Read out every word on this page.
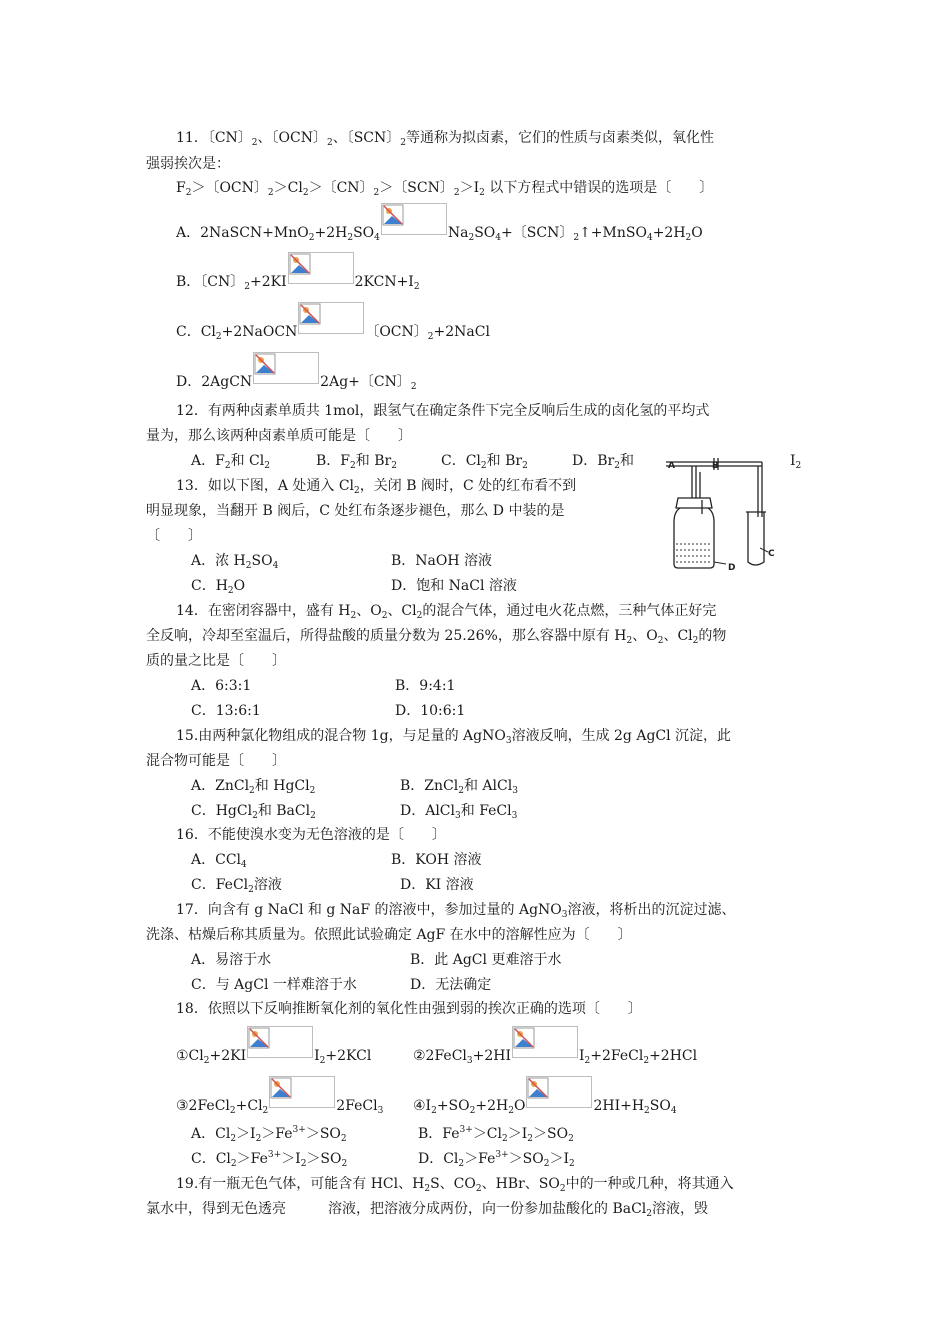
11．〔CN〕$_2$、〔OCN〕$_2$、〔SCN〕$_2$等通称为拟卤素，它们的性质与卤素类似，氧化性
强弱挨次是：
$F_2>$〔OCN〕$_2>Cl_2>$〔CN〕$_2$＞〔SCN〕$_2>I_2$ 以下方程式中错误的选项是〔　　〕
A．$2NaSCN+MnO_2+2H_2SO_4$	$Na_2SO_4+$〔SCN〕$_2↑+MnSO_4+2H_2O$
B．〔CN〕$_2$+2KI	$2KCN+I_2$
C．$Cl_2+2NaOCN$	〔OCN〕$_2$+2NaCl
D．2AgCN	2Ag+〔CN〕$_2$
12．有两种卤素单质共 1mol，跟氢气在确定条件下完全反响后生成的卤化氢的平均式
量为，那么该两种卤素单质可能是〔　　〕
A．$F_2$和 $Cl_2$	B．$F_2$和 $Br_2$	C．$Cl_2$和 $Br_2$	D．$Br_2$和	$I_2$
13．如以下图，A 处通入 $Cl_2$，关闭 B 阀时，C 处的红布看不到
明显现象，当翻开 B 阀后，C 处红布条逐步褪色，那么 D 中装的是
〔　　〕
A．浓 $H_2SO_4$	B．NaOH 溶液
C．$H_2O$	D．饱和 NaCl 溶液
A	B
C
D
14．在密闭容器中，盛有 $H_2$、$O_2$、$Cl_2$的混合气体，通过电火花点燃，三种气体正好完
全反响，冷却至室温后，所得盐酸的质量分数为 25.26%，那么容器中原有 $H_2$、$O_2$、$Cl_2$的物
质的量之比是〔　　〕
A．6:3:1	B．9:4:1
C．13:6:1	D．10:6:1
15.由两种氯化物组成的混合物 1g，与足量的 AgNO$_3$溶液反响，生成 2g AgCl 沉淀，此
混合物可能是〔　　〕
A．ZnCl$_2$和 HgCl$_2$	B．ZnCl$_2$和 AlCl$_3$
C．HgCl$_2$和 BaCl$_2$	D．AlCl$_3$和 FeCl$_3$
16．不能使溴水变为无色溶液的是〔　　〕
A．CCl$_4$	B．KOH 溶液
C．FeCl$_2$溶液	D．KI 溶液
17．向含有 g NaCl 和 g NaF 的溶液中，参加过量的 AgNO$_3$溶液，将析出的沉淀过滤、
洗涤、枯燥后称其质量为。依照此试验确定 AgF 在水中的溶解性应为〔　　〕
A．易溶于水	B．此 AgCl 更难溶于水
C．与 AgCl 一样难溶于水	D．无法确定
18．依照以下反响推断氧化剂的氧化性由强到弱的挨次正确的选项〔　　〕
$①Cl_2+2KI$	$I_2+2KCl$	②2FeCl$_3$+2HI	$I_2+2FeCl_2+2HCl$
$③2FeCl_2+Cl_2$	2FeCl$_3$ $④I_2+SO_2+2H_2O$	$2HI+H_2SO_4$
A．$Cl_2>I_2>Fe^{3+}>SO_2$	B．$Fe^{3+}>Cl_2>I_2>SO_2$
C．$Cl_2>Fe^{3+}>I_2>SO_2$	D．$Cl_2>Fe^{3+}>SO_2>I_2$
19.有一瓶无色气体，可能含有 HCl、$H_2S$、$CO_2$、HBr、$SO_2$中的一种或几种，将其通入
氯水中，得到无色透亮	溶液，把溶液分成两份，向一份参加盐酸化的 BaCl$_2$溶液，毁
